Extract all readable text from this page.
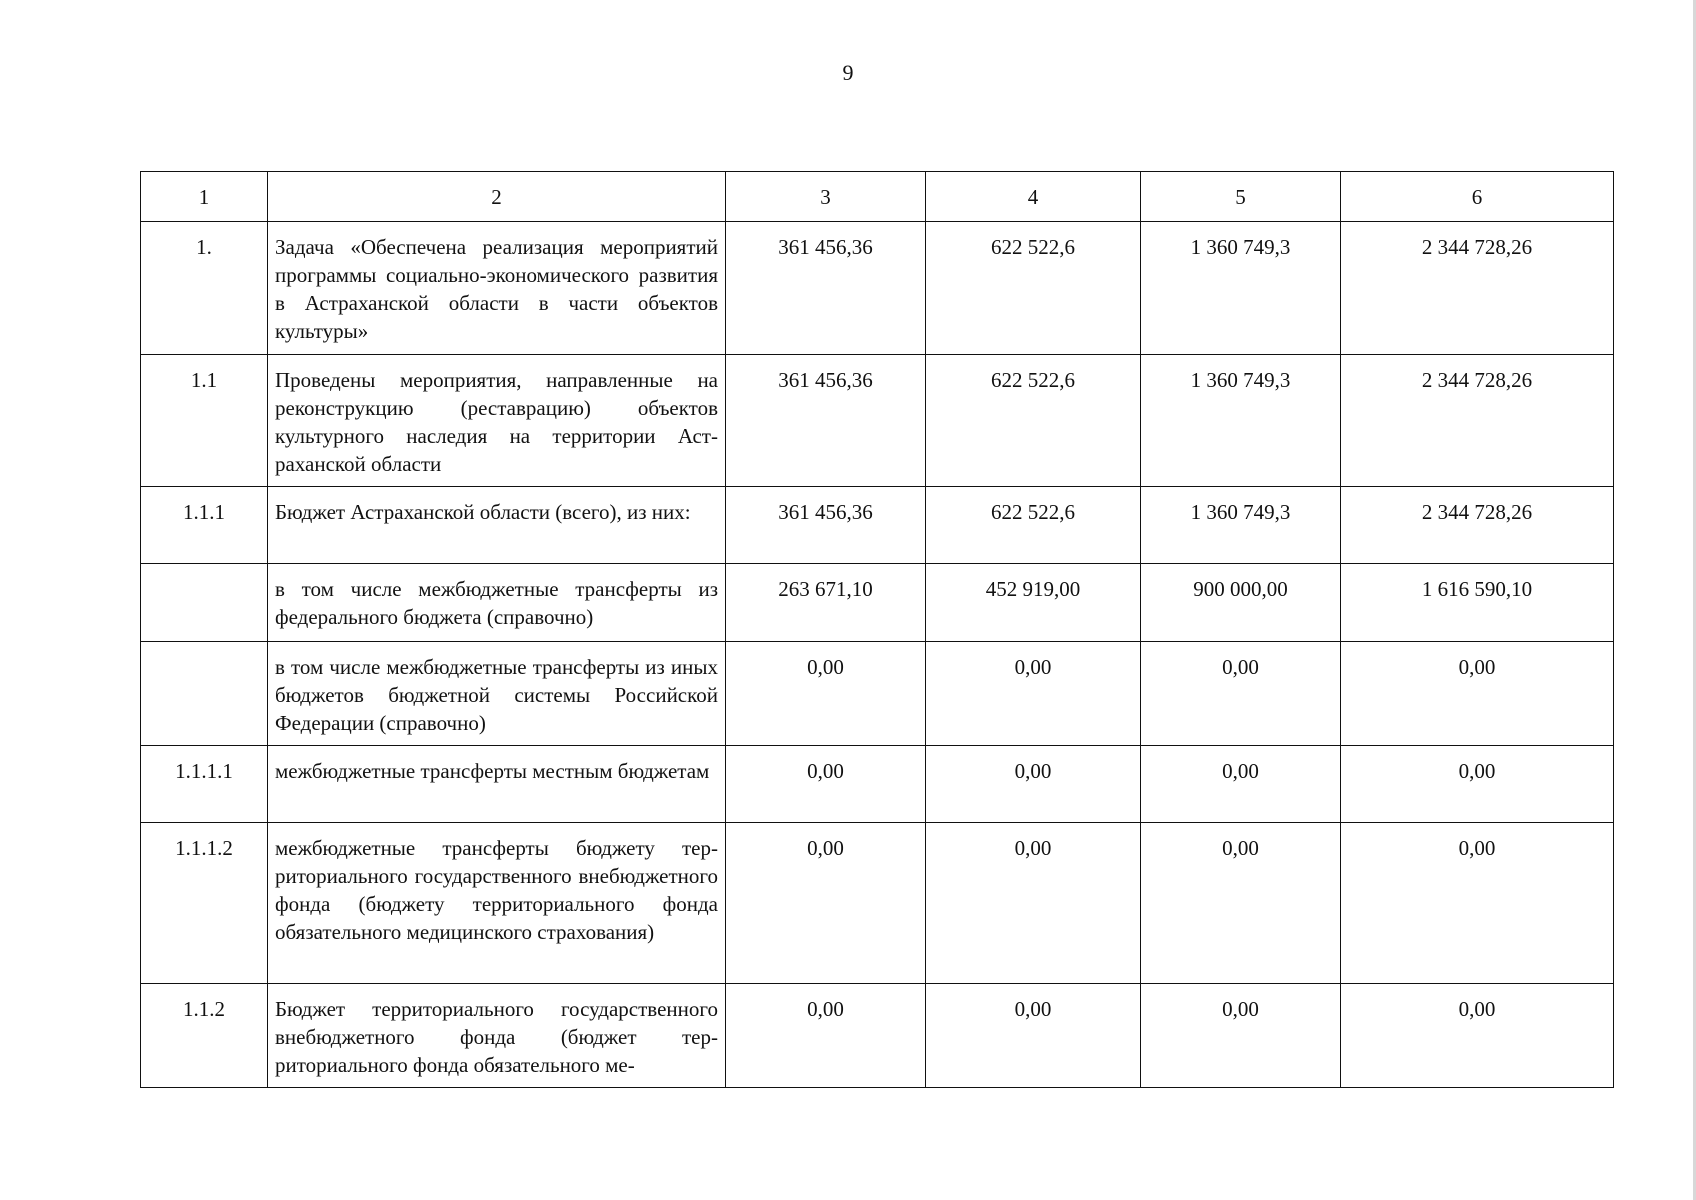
9
1	2	3	4	5	6
1.	Задача «Обеспечена реализация мероприятий программы социально-экономического развития в Астраханской области в части объектов культуры»	361 456,36	622 522,6	1 360 749,3	2 344 728,26
1.1	Проведены мероприятия, направленные на реконструкцию (реставрацию) объектов культурного наследия на территории Астраханской области	361 456,36	622 522,6	1 360 749,3	2 344 728,26
1.1.1	Бюджет Астраханской области (всего), из них:	361 456,36	622 522,6	1 360 749,3	2 344 728,26
	в том числе межбюджетные трансферты из федерального бюджета (справочно)	263 671,10	452 919,00	900 000,00	1 616 590,10
	в том числе межбюджетные трансферты из иных бюджетов бюджетной системы Российской Федерации (справочно)	0,00	0,00	0,00	0,00
1.1.1.1	межбюджетные трансферты местным бюджетам	0,00	0,00	0,00	0,00
1.1.1.2	межбюджетные трансферты бюджету территориального государственного внебюджетного фонда (бюджету территориального фонда обязательного медицинского страхования)	0,00	0,00	0,00	0,00
1.1.2	Бюджет территориального государственного внебюджетного фонда (бюджет территориального фонда обязательного ме-	0,00	0,00	0,00	0,00
